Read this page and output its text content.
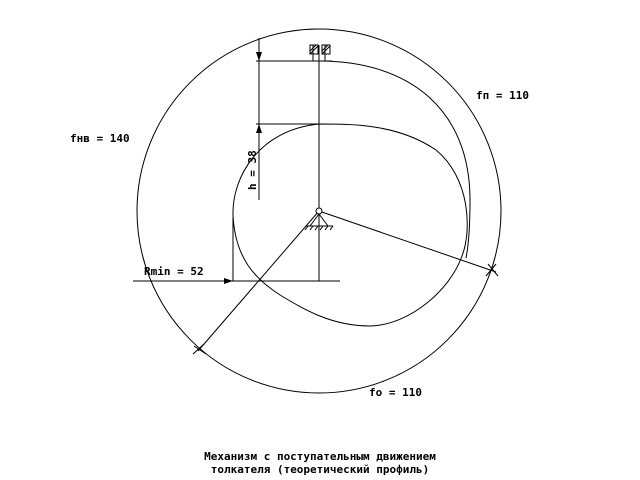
fп = 110
fнв = 140
fо = 110
Rmin = 52
h = 38
Механизм с поступательным движением
толкателя (теоретический профиль)
